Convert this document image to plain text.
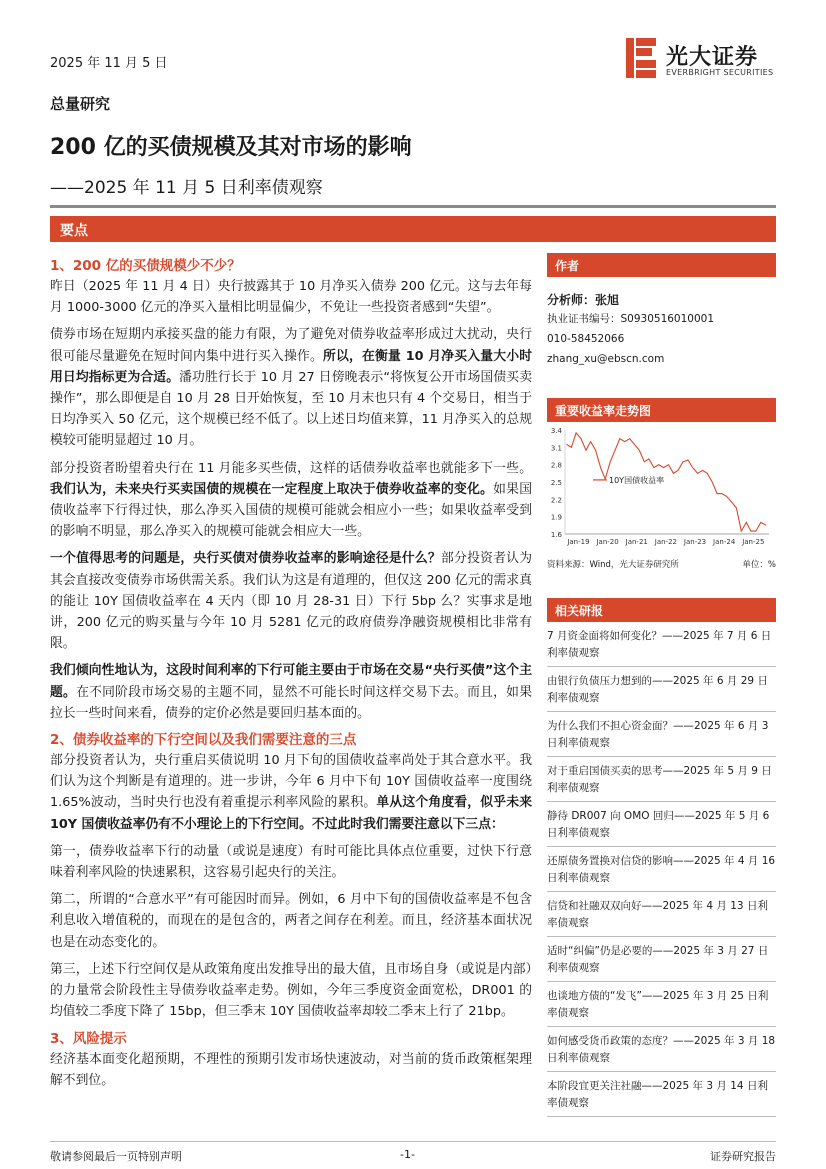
2025 年 11 月 5 日	光大证券
EVERBRIGHT SECURITIES
总量研究
200 亿的买债规模及其对市场的影响
——2025 年 11 月 5 日利率债观察
要点
1、200 亿的买债规模少不少？

昨日（2025 年 11 月 4 日）央行披露其于 10 月净买入债券 200 亿元。这与去年每月 1000-3000 亿元的净买入量相比明显偏少，不免让一些投资者感到“失望”。

债券市场在短期内承接买盘的能力有限，为了避免对债券收益率形成过大扰动，央行很可能尽量避免在短时间内集中进行买入操作。所以，在衡量 10 月净买入量大小时用日均指标更为合适。潘功胜行长于 10 月 27 日傍晚表示“将恢复公开市场国债买卖操作”，那么即便是自 10 月 28 日开始恢复，至 10 月末也只有 4 个交易日，相当于日均净买入 50 亿元，这个规模已经不低了。以上述日均值来算，11 月净买入的总规模较可能明显超过 10 月。

部分投资者盼望着央行在 11 月能多买些债，这样的话债券收益率也就能多下一些。我们认为，未来央行买卖国债的规模在一定程度上取决于债券收益率的变化。如果国债收益率下行得过快，那么净买入国债的规模可能就会相应小一些；如果收益率受到的影响不明显，那么净买入的规模可能就会相应大一些。

一个值得思考的问题是，央行买债对债券收益率的影响途径是什么？部分投资者认为其会直接改变债券市场供需关系。我们认为这是有道理的，但仅这 200 亿元的需求真的能让 10Y 国债收益率在 4 天内（即 10 月 28-31 日）下行 5bp 么？实事求是地讲，200 亿元的购买量与今年 10 月 5281 亿元的政府债券净融资规模相比非常有限。

我们倾向性地认为，这段时间利率的下行可能主要由于市场在交易“央行买债”这个主题。在不同阶段市场交易的主题不同，显然不可能长时间这样交易下去。而且，如果拉长一些时间来看，债券的定价必然是要回归基本面的。

2、债券收益率的下行空间以及我们需要注意的三点

部分投资者认为，央行重启买债说明 10 月下旬的国债收益率尚处于其合意水平。我们认为这个判断是有道理的。进一步讲，今年 6 月中下旬 10Y 国债收益率一度围绕 1.65%波动，当时央行也没有着重提示利率风险的累积。单从这个角度看，似乎未来 10Y 国债收益率仍有不小理论上的下行空间。不过此时我们需要注意以下三点：

第一，债券收益率下行的动量（或说是速度）有时可能比具体点位重要，过快下行意味着利率风险的快速累积，这容易引起央行的关注。

第二，所谓的“合意水平”有可能因时而异。例如，6 月中下旬的国债收益率是不包含利息收入增值税的，而现在的是包含的，两者之间存在利差。而且，经济基本面状况也是在动态变化的。

第三，上述下行空间仅是从政策角度出发推导出的最大值，且市场自身（或说是内部）的力量常会阶段性主导债券收益率走势。例如，今年三季度资金面宽松，DR001 的均值较二季度下降了 15bp，但三季末 10Y 国债收益率却较二季末上行了 21bp。

3、风险提示

经济基本面变化超预期，不理性的预期引发市场快速波动，对当前的货币政策框架理解不到位。

作者
分析师：张旭
执业证书编号：S0930516010001
010-58452066
zhang_xu@ebscn.com
重要收益率走势图
1.6
1.9
2.2
2.5
2.8
3.1
3.4
Jan-19 Jan-20 Jan-21 Jan-22 Jan-23 Jan-24 Jan-25
10Y国债收益率
资料来源：Wind，光大证券研究所	单位：%
相关研报
7 月资金面将如何变化？——2025 年 7 月 6 日利率债观察
由银行负债压力想到的——2025 年 6 月 29 日利率债观察
为什么我们不担心资金面？——2025 年 6 月 3 日利率债观察
对于重启国债买卖的思考——2025 年 5 月 9 日利率债观察
静待 DR007 向 OMO 回归——2025 年 5 月 6 日利率债观察
还原债务置换对信贷的影响——2025 年 4 月 16 日利率债观察
信贷和社融双双向好——2025 年 4 月 13 日利率债观察
适时“纠偏”仍是必要的——2025 年 3 月 27 日利率债观察
也谈地方债的“发飞”——2025 年 3 月 25 日利率债观察
如何感受货币政策的态度？——2025 年 3 月 18 日利率债观察
本阶段宜更关注社融——2025 年 3 月 14 日利率债观察
敬请参阅最后一页特别声明	-1-	证券研究报告
